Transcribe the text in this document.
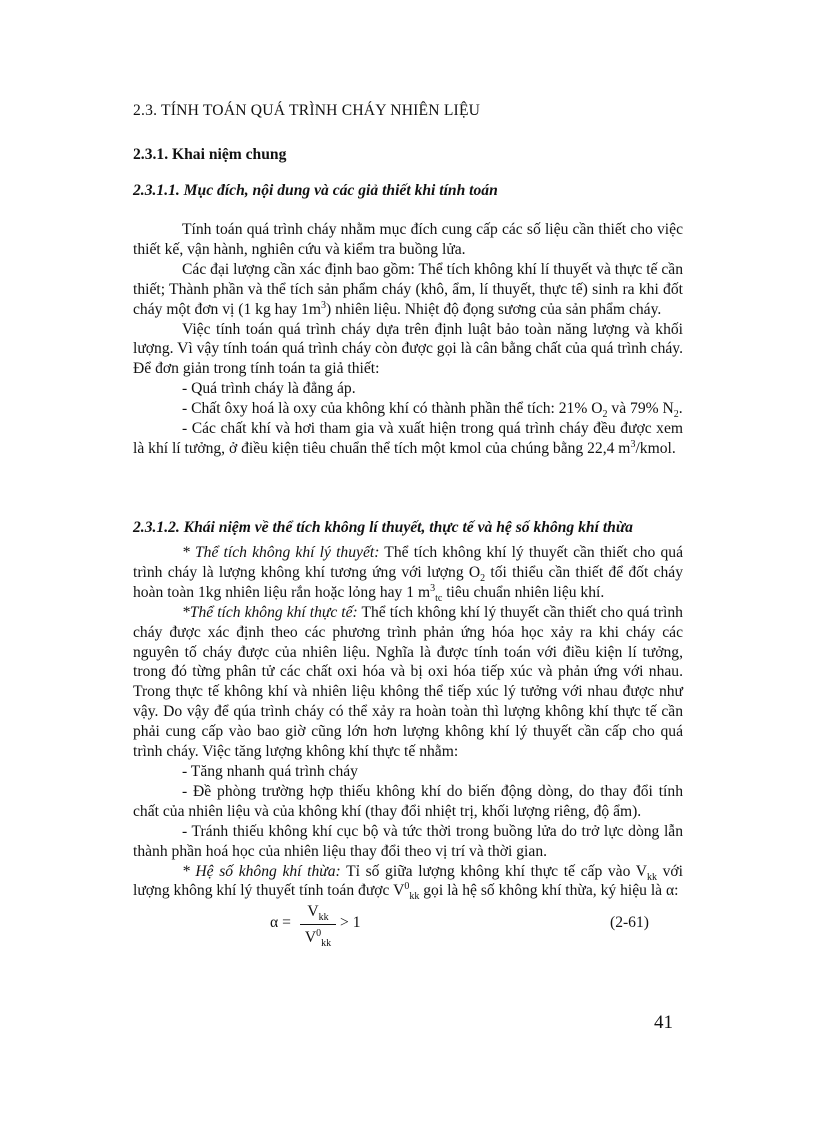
2.3. TÍNH TOÁN QUÁ TRÌNH CHÁY NHIÊN LIỆU
2.3.1. Khai niệm chung
2.3.1.1. Mục đích, nội dung và các giả thiết khi tính toán

Tính toán quá trình cháy nhằm mục đích cung cấp các số liệu cần thiết cho việc thiết kế, vận hành, nghiên cứu và kiểm tra buồng lửa.

Các đại lượng cần xác định bao gồm: Thể tích không khí lí thuyết và thực tế cần thiết; Thành phần và thể tích sản phẩm cháy (khô, ẩm, lí thuyết, thực tế) sinh ra khi đốt cháy một đơn vị (1 kg hay $1m^3$) nhiên liệu. Nhiệt độ đọng sương của sản phẩm cháy.

Việc tính toán quá trình cháy dựa trên định luật bảo toàn năng lượng và khối lượng. Vì vậy tính toán quá trình cháy còn được gọi là cân bằng chất của quá trình cháy. Để đơn giản trong tính toán ta giả thiết:

- Quá trình cháy là đẳng áp.

- Chất ôxy hoá là oxy của không khí có thành phần thể tích: 21% $O_2$ và 79% $N_2$.

- Các chất khí và hơi tham gia và xuất hiện trong quá trình cháy đều được xem là khí lí tưởng, ở điều kiện tiêu chuẩn thể tích một kmol của chúng bằng 22,4 $m^3$/kmol.

2.3.1.2. Khái niệm về thể tích không lí thuyết, thực tế và hệ số không khí thừa

* Thể tích không khí lý thuyết: Thể tích không khí lý thuyết cần thiết cho quá trình cháy là lượng không khí tương ứng với lượng $O_2$ tối thiểu cần thiết để đốt cháy hoàn toàn 1kg nhiên liệu rắn hoặc lỏng hay 1 $m^3_{tc}$ tiêu chuẩn nhiên liệu khí.

*Thể tích không khí thực tế: Thể tích không khí lý thuyết cần thiết cho quá trình cháy được xác định theo các phương trình phản ứng hóa học xảy ra khi cháy các nguyên tố cháy được của nhiên liệu. Nghĩa là được tính toán với điều kiện lí tưởng, trong đó từng phân tử các chất oxi hóa và bị oxi hóa tiếp xúc và phản ứng với nhau. Trong thực tế không khí và nhiên liệu không thể tiếp xúc lý tưởng với nhau được như vậy. Do vậy để qúa trình cháy có thể xảy ra hoàn toàn thì lượng không khí thực tế cần phải cung cấp vào bao giờ cũng lớn hơn lượng không khí lý thuyết cần cấp cho quá trình cháy. Việc tăng lượng không khí thực tế nhằm:

- Tăng nhanh quá trình cháy

- Đề phòng trường hợp thiếu không khí do biến động dòng, do thay đổi tính chất của nhiên liệu và của không khí (thay đổi nhiệt trị, khối lượng riêng, độ ẩm).

- Tránh thiếu không khí cục bộ và tức thời trong buồng lửa do trở lực dòng lẫn thành phần hoá học của nhiên liệu thay đổi theo vị trí và thời gian.

* Hệ số không khí thừa: Tỉ số giữa lượng không khí thực tế cấp vào $V_{kk}$ với lượng không khí lý thuyết tính toán được $V^0_{kk}$ gọi là hệ số không khí thừa, ký hiệu là α:

α =
$V_{kk}$
$V^0_{kk}$
> 1	(2-61)
41
